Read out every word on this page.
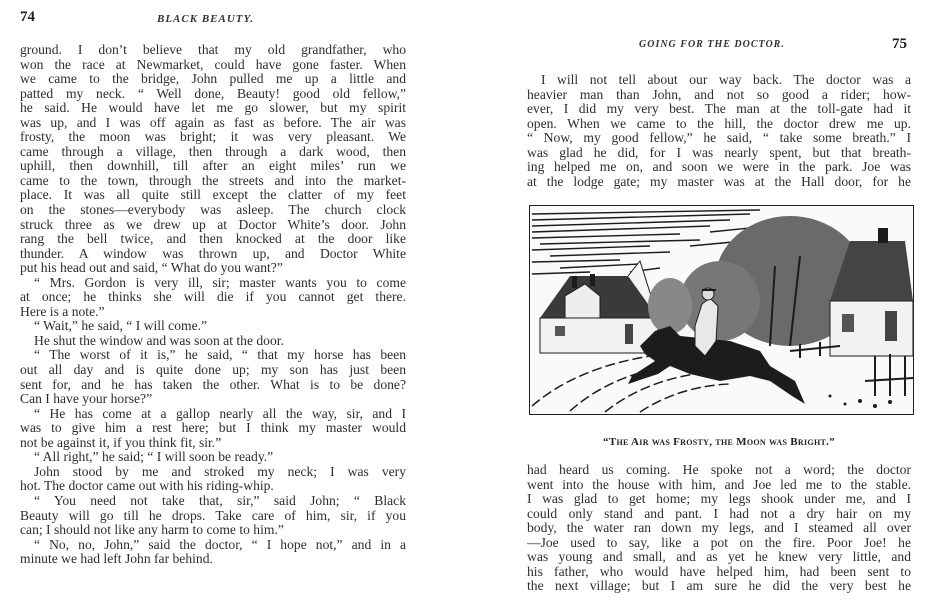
74	BLACK BEAUTY.
ground. I don’t believe that my old grandfather, who
won the race at Newmarket, could have gone faster. When
we came to the bridge, John pulled me up a little and
patted my neck. “ Well done, Beauty! good old fellow,”
he said. He would have let me go slower, but my spirit
was up, and I was off again as fast as before. The air was
frosty, the moon was bright; it was very pleasant. We
came through a village, then through a dark wood, then
uphill, then downhill, till after an eight miles’ run we
came to the town, through the streets and into the market-
place. It was all quite still except the clatter of my feet
on the stones—everybody was asleep. The church clock
struck three as we drew up at Doctor White’s door. John
rang the bell twice, and then knocked at the door like
thunder. A window was thrown up, and Doctor White
put his head out and said, “ What do you want?”
“ Mrs. Gordon is very ill, sir; master wants you to come
at once; he thinks she will die if you cannot get there.
Here is a note.”
“ Wait,” he said, “ I will come.”
He shut the window and was soon at the door.
“ The worst of it is,” he said, “ that my horse has been
out all day and is quite done up; my son has just been
sent for, and he has taken the other. What is to be done?
Can I have your horse?”
“ He has come at a gallop nearly all the way, sir, and I
was to give him a rest here; but I think my master would
not be against it, if you think fit, sir.”
“ All right,” he said; “ I will soon be ready.”
John stood by me and stroked my neck; I was very
hot. The doctor came out with his riding-whip.
“ You need not take that, sir,” said John; “ Black
Beauty will go till he drops. Take care of him, sir, if you
can; I should not like any harm to come to him.”
“ No, no, John,” said the doctor, “ I hope not,” and in a
minute we had left John far behind.
GOING FOR THE DOCTOR.	75
I will not tell about our way back. The doctor was a
heavier man than John, and not so good a rider; how-
ever, I did my very best. The man at the toll-gate had it
open. When we came to the hill, the doctor drew me up.
“ Now, my good fellow,” he said, “ take some breath.” I
was glad he did, for I was nearly spent, but that breath-
ing helped me on, and soon we were in the park. Joe was
at the lodge gate; my master was at the Hall door, for he
“The Air was Frosty, the Moon was Bright.”
had heard us coming. He spoke not a word; the doctor
went into the house with him, and Joe led me to the stable.
I was glad to get home; my legs shook under me, and I
could only stand and pant. I had not a dry hair on my
body, the water ran down my legs, and I steamed all over
—Joe used to say, like a pot on the fire. Poor Joe! he
was young and small, and as yet he knew very little, and
his father, who would have helped him, had been sent to
the next village; but I am sure he did the very best he
